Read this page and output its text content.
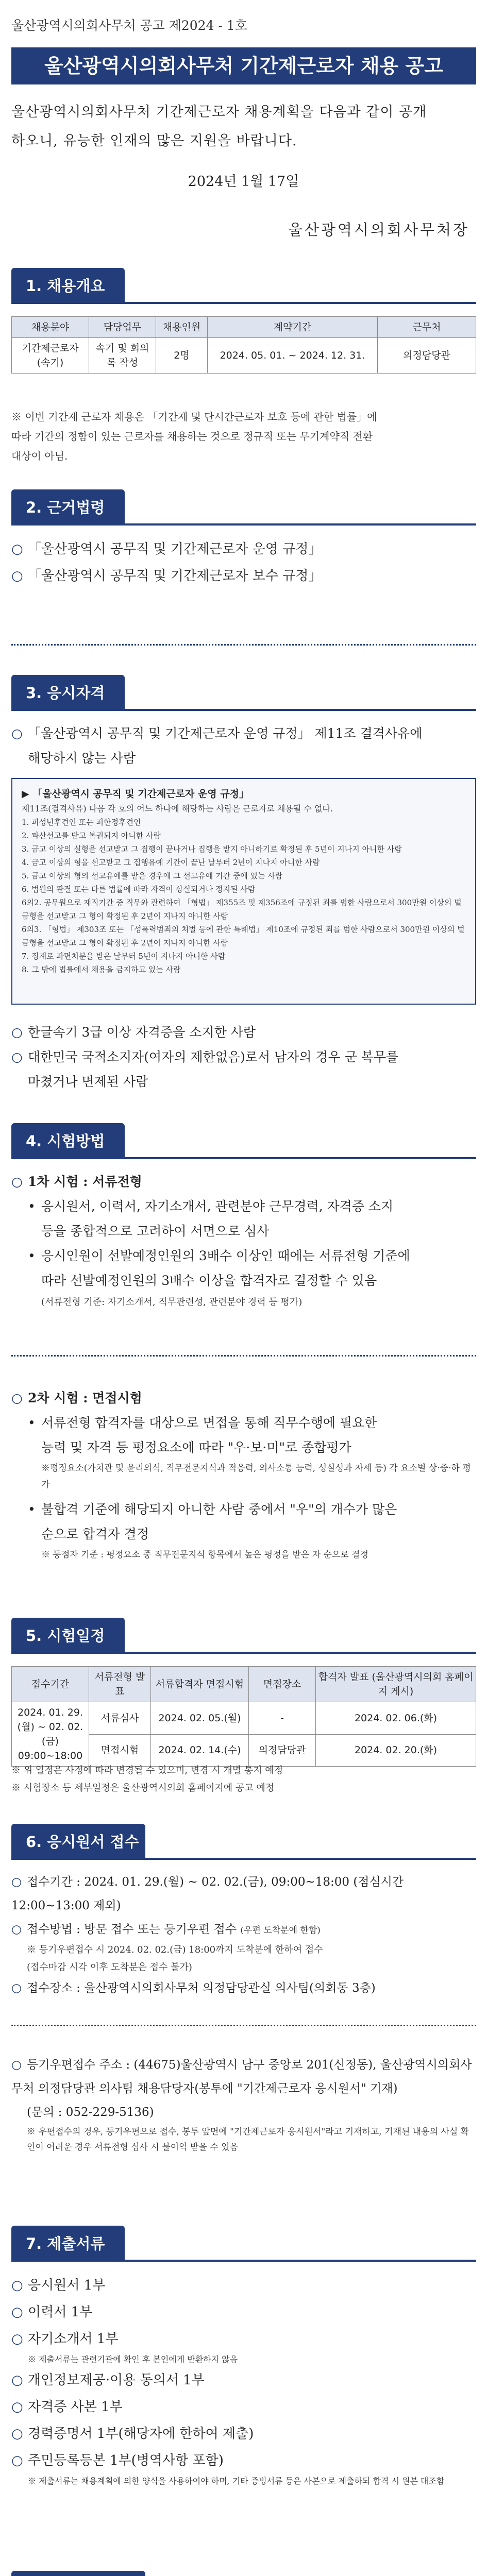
울산광역시의회사무처 공고 제2024 - 1호
울산광역시의회사무처 기간제근로자 채용 공고
울산광역시의회사무처 기간제근로자 채용계획을 다음과 같이 공개
하오니, 유능한 인재의 많은 지원을 바랍니다.
2024년 1월 17일
울산광역시의회사무처장
1. 채용개요
채용분야	담당업무	채용인원	계약기간	근무처
기간제근로자 (속기)	속기 및 회의록 작성	2명	2024. 05. 01. ~ 2024. 12. 31.	의정담당관
※ 이번 기간제 근로자 채용은 「기간제 및 단시간근로자 보호 등에 관한 법률」에
따라 기간의 정함이 있는 근로자를 채용하는 것으로 정규직 또는 무기계약직 전환
대상이 아님.
2. 근거법령
○ 「울산광역시 공무직 및 기간제근로자 운영 규정」
○ 「울산광역시 공무직 및 기간제근로자 보수 규정」
3. 응시자격
○ 「울산광역시 공무직 및 기간제근로자 운영 규정」 제11조 결격사유에
해당하지 않는 사람
▶ 「울산광역시 공무직 및 기간제근로자 운영 규정」
제11조(결격사유) 다음 각 호의 어느 하나에 해당하는 사람은 근로자로 채용될 수 없다.
1. 피성년후견인 또는 피한정후견인
2. 파산선고를 받고 복권되지 아니한 사람
3. 금고 이상의 실형을 선고받고 그 집행이 끝나거나 집행을 받지 아니하기로 확정된 후 5년이 지나지 아니한 사람
4. 금고 이상의 형을 선고받고 그 집행유예 기간이 끝난 날부터 2년이 지나지 아니한 사람
5. 금고 이상의 형의 선고유예를 받은 경우에 그 선고유예 기간 중에 있는 사람
6. 법원의 판결 또는 다른 법률에 따라 자격이 상실되거나 정지된 사람
6의2. 공무원으로 재직기간 중 직무와 관련하여 「형법」 제355조 및 제356조에 규정된 죄를 범한 사람으로서 300만원 이상의 벌금형을 선고받고 그 형이 확정된 후 2년이 지나지 아니한 사람
6의3. 「형법」 제303조 또는 「성폭력범죄의 처벌 등에 관한 특례법」 제10조에 규정된 죄를 범한 사람으로서 300만원 이상의 벌금형을 선고받고 그 형이 확정된 후 2년이 지나지 아니한 사람
7. 징계로 파면처분을 받은 날부터 5년이 지나지 아니한 사람
8. 그 밖에 법률에서 채용을 금지하고 있는 사람
○ 한글속기 3급 이상 자격증을 소지한 사람
○ 대한민국 국적소지자(여자의 제한없음)로서 남자의 경우 군 복무를
마쳤거나 면제된 사람
4. 시험방법
○ 1차 시험 : 서류전형
• 응시원서, 이력서, 자기소개서, 관련분야 근무경력, 자격증 소지
등을 종합적으로 고려하여 서면으로 심사
• 응시인원이 선발예정인원의 3배수 이상인 때에는 서류전형 기준에
따라 선발예정인원의 3배수 이상을 합격자로 결정할 수 있음
(서류전형 기준: 자기소개서, 직무관련성, 관련분야 경력 등 평가)
○ 2차 시험 : 면접시험
• 서류전형 합격자를 대상으로 면접을 통해 직무수행에 필요한
능력 및 자격 등 평정요소에 따라 "우·보·미"로 종합평가
※평정요소(가치관 및 윤리의식, 직무전문지식과 적응력, 의사소통 능력, 성실성과 자세 등) 각 요소별 상·중·하 평가
• 불합격 기준에 해당되지 아니한 사람 중에서 "우"의 개수가 많은
순으로 합격자 결정
※ 동점자 기준 : 평정요소 중 직무전문지식 항목에서 높은 평정을 받은 자 순으로 결정
5. 시험일정
접수기간	서류전형 발표	서류합격자 면접시험	면접장소	합격자 발표 (울산광역시의회 홈페이지 게시)
2024. 01. 29.(월) ~ 02. 02.(금) 09:00~18:00	서류심사	2024. 02. 05.(월)	-	2024. 02. 06.(화)
	면접시험	2024. 02. 14.(수)	의정담당관	2024. 02. 20.(화)
※ 위 일정은 사정에 따라 변경될 수 있으며, 변경 시 개별 통지 예정
※ 시험장소 등 세부일정은 울산광역시의회 홈페이지에 공고 예정
6. 응시원서 접수
○ 접수기간 : 2024. 01. 29.(월) ~ 02. 02.(금), 09:00~18:00 (점심시간 12:00~13:00 제외)
○ 접수방법 : 방문 접수 또는 등기우편 접수 (우편 도착분에 한함)
※ 등기우편접수 시 2024. 02. 02.(금) 18:00까지 도착분에 한하여 접수
(접수마감 시각 이후 도착분은 접수 불가)
○ 접수장소 : 울산광역시의회사무처 의정담당관실 의사팀(의회동 3층)
○ 등기우편접수 주소 : (44675)울산광역시 남구 중앙로 201(신정동), 울산광역시의회사무처 의정담당관 의사팀 채용담당자(봉투에 "기간제근로자 응시원서" 기재)
(문의 : 052-229-5136)
※ 우편접수의 경우, 등기우편으로 접수, 봉투 앞면에 "기간제근로자 응시원서"라고 기재하고, 기재된 내용의 사실 확인이 어려운 경우 서류전형 심사 시 불이익 받을 수 있음
7. 제출서류
○ 응시원서 1부
○ 이력서 1부
○ 자기소개서 1부
※ 제출서류는 관련기관에 확인 후 본인에게 반환하지 않음
○ 개인정보제공·이용 동의서 1부
○ 자격증 사본 1부
○ 경력증명서 1부(해당자에 한하여 제출)
○ 주민등록등본 1부(병역사항 포함)
※ 제출서류는 채용계획에 의한 양식을 사용하여야 하며, 기타 증빙서류 등은 사본으로 제출하되 합격 시 원본 대조함
